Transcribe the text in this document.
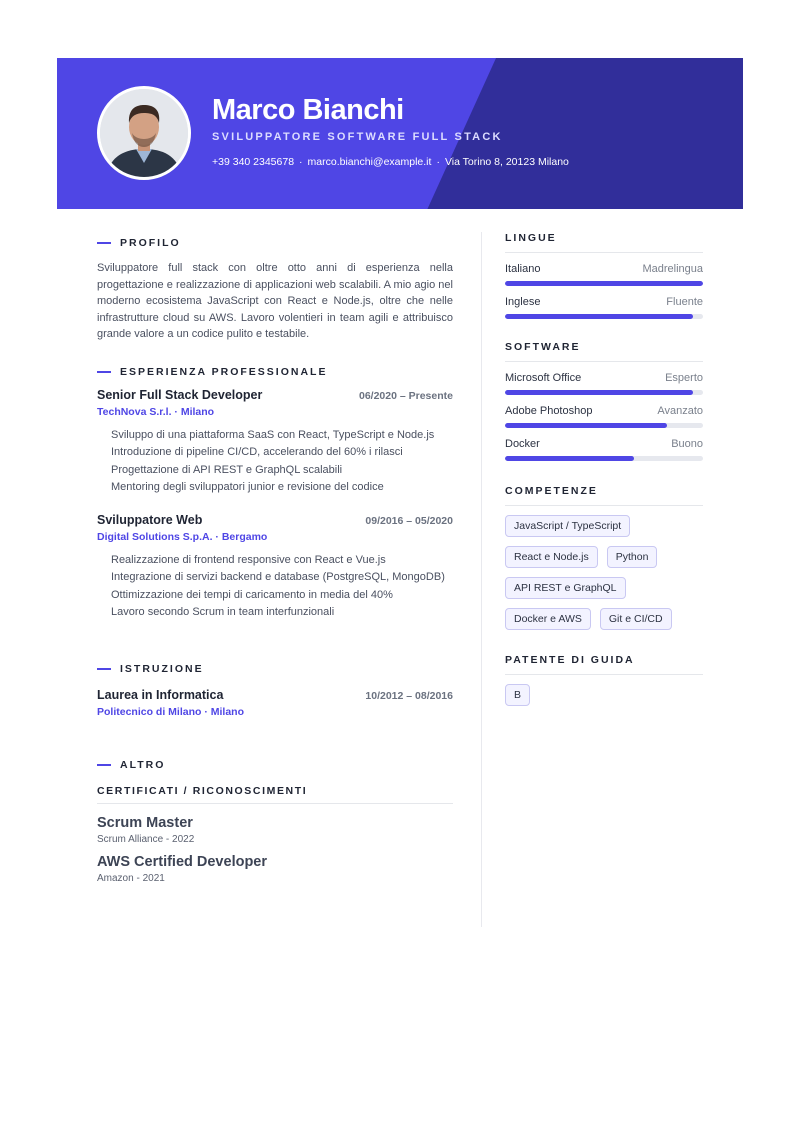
Marco Bianchi
SVILUPPATORE SOFTWARE FULL STACK
+39 340 2345678 · marco.bianchi@example.it · Via Torino 8, 20123 Milano
PROFILO

Sviluppatore full stack con oltre otto anni di esperienza nella progettazione e realizzazione di applicazioni web scalabili. A mio agio nel moderno ecosistema JavaScript con React e Node.js, oltre che nelle infrastrutture cloud su AWS. Lavoro volentieri in team agili e attribuisco grande valore a un codice pulito e testabile.

ESPERIENZA PROFESSIONALE
Senior Full Stack Developer	06/2020 – Presente
TechNova S.r.l. · Milano
Sviluppo di una piattaforma SaaS con React, TypeScript e Node.js
Introduzione di pipeline CI/CD, accelerando del 60% i rilasci
Progettazione di API REST e GraphQL scalabili
Mentoring degli sviluppatori junior e revisione del codice
Sviluppatore Web	09/2016 – 05/2020
Digital Solutions S.p.A. · Bergamo
Realizzazione di frontend responsive con React e Vue.js
Integrazione di servizi backend e database (PostgreSQL, MongoDB)
Ottimizzazione dei tempi di caricamento in media del 40%
Lavoro secondo Scrum in team interfunzionali
ISTRUZIONE
Laurea in Informatica	10/2012 – 08/2016
Politecnico di Milano · Milano
ALTRO
CERTIFICATI / RICONOSCIMENTI
Scrum Master
Scrum Alliance - 2022
AWS Certified Developer
Amazon - 2021
LINGUE
Italiano	Madrelingua
Inglese	Fluente
SOFTWARE
Microsoft Office	Esperto
Adobe Photoshop	Avanzato
Docker	Buono
COMPETENZE
JavaScript / TypeScript
React e Node.js	Python
API REST e GraphQL
Docker e AWS	Git e CI/CD
PATENTE DI GUIDA
B
